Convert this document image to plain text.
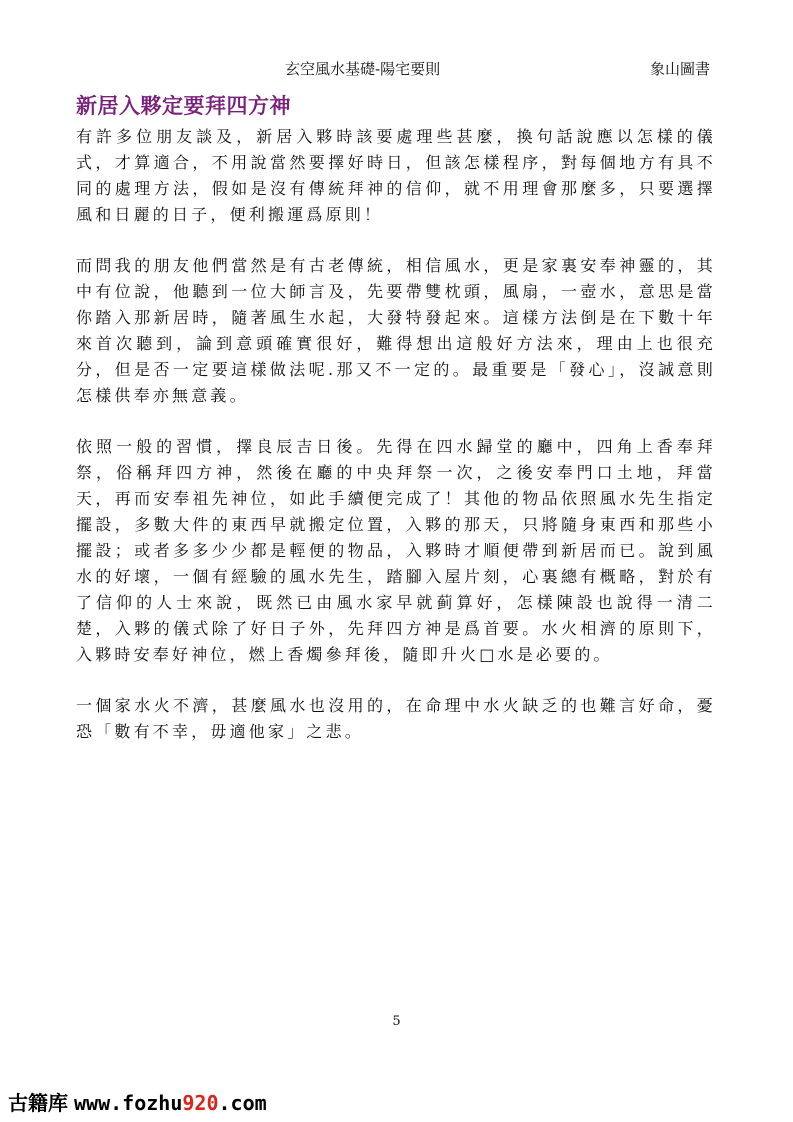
玄空風水基礎-陽宅要則	象山圖書
新居入夥定要拜四方神

有許多位朋友談及，新居入夥時該要處理些甚麼，換句話說應以怎樣的儀式，才算適合，不用說當然要擇好時日，但該怎樣程序，對每個地方有具不同的處理方法，假如是沒有傳統拜神的信仰，就不用理會那麼多，只要選擇風和日麗的日子，便利搬運爲原則！

而問我的朋友他們當然是有古老傳統，相信風水，更是家裏安奉神靈的，其中有位說，他聽到一位大師言及，先要帶雙枕頭，風扇，一壺水，意思是當你踏入那新居時，隨著風生水起，大發特發起來。這樣方法倒是在下數十年來首次聽到，論到意頭確實很好，難得想出這般好方法來，理由上也很充分，但是否一定要這樣做法呢.那又不一定的。最重要是「發心」，沒誠意則怎樣供奉亦無意義。

依照一般的習慣，擇良辰吉日後。先得在四水歸堂的廳中，四角上香奉拜祭，俗稱拜四方神，然後在廳的中央拜祭一次，之後安奉門口土地，拜當天，再而安奉祖先神位，如此手續便完成了！其他的物品依照風水先生指定擺設，多數大件的東西早就搬定位置，入夥的那天，只將隨身東西和那些小擺設；或者多多少少都是輕便的物品，入夥時才順便帶到新居而已。說到風水的好壞，一個有經驗的風水先生，踏腳入屋片刻，心裏總有概略，對於有了信仰的人士來說，既然已由風水家早就蓟算好，怎樣陳設也說得一清二楚，入夥的儀式除了好日子外，先拜四方神是爲首要。水火相濟的原則下，入夥時安奉好神位，燃上香燭參拜後，隨即升火□水是必要的。

一個家水火不濟，甚麼風水也沒用的，在命理中水火缺乏的也難言好命，憂恐「數有不幸，毋適他家」之悲。

5
古籍库 www.fozhu920.com
